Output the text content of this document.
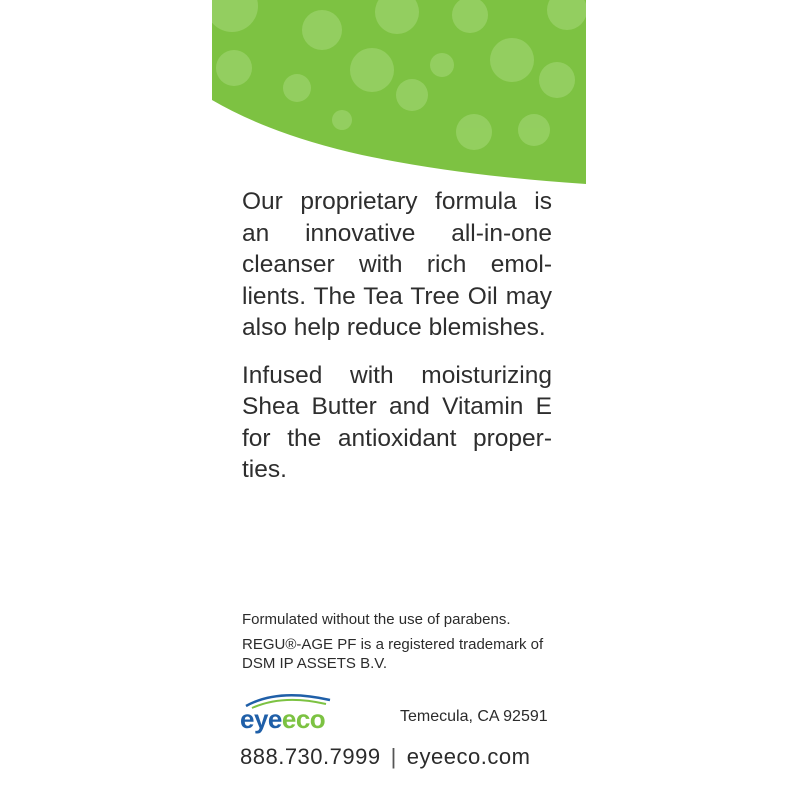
Our proprietary formula is
an innovative all-in-one
cleanser with rich emol-
lients. The Tea Tree Oil may
also help reduce blemishes.

Infused with moisturizing
Shea Butter and Vitamin E
for the antioxidant proper-
ties.

Formulated without the use of parabens.

REGU®-AGE PF is a registered trademark of DSM IP ASSETS B.V.

eyeeco	Temecula, CA 92591
888.730.7999 | eyeeco.com
